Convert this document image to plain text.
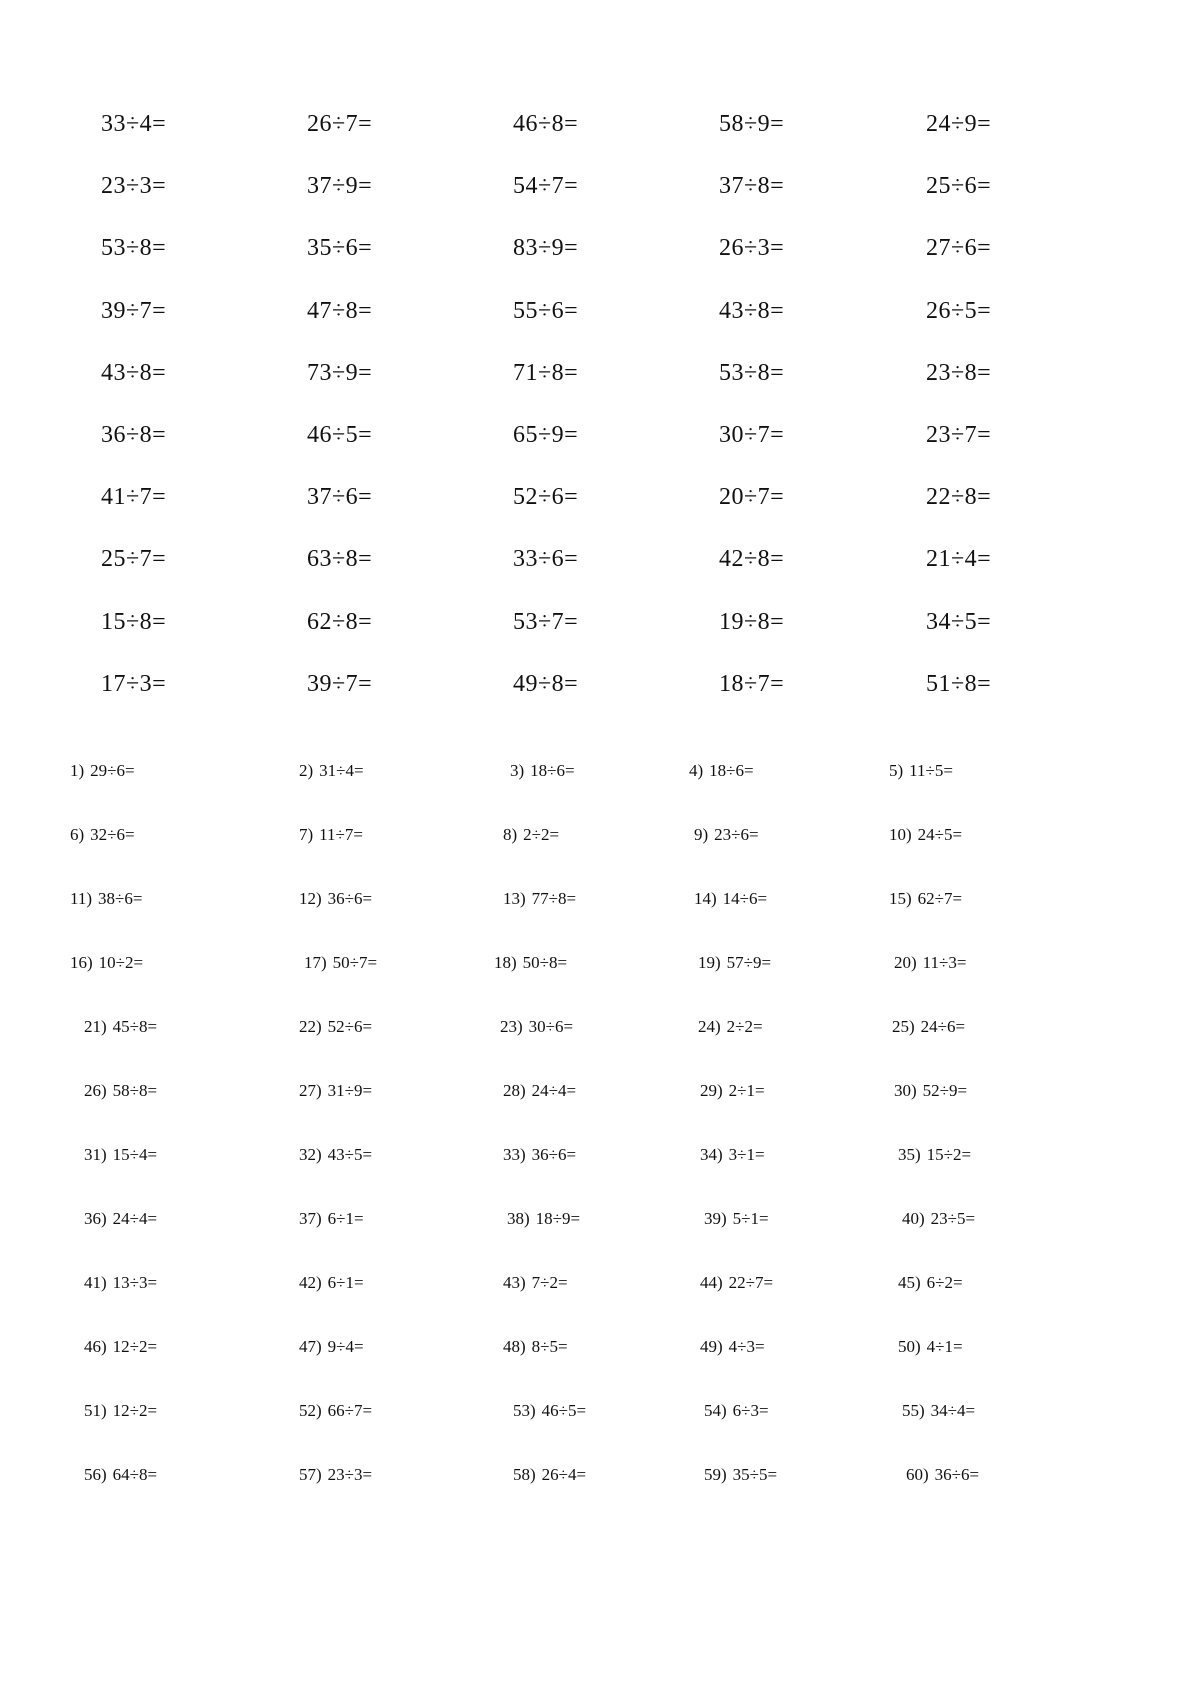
33÷4=	26÷7=	46÷8=	58÷9=	24÷9=
23÷3=	37÷9=	54÷7=	37÷8=	25÷6=
53÷8=	35÷6=	83÷9=	26÷3=	27÷6=
39÷7=	47÷8=	55÷6=	43÷8=	26÷5=
43÷8=	73÷9=	71÷8=	53÷8=	23÷8=
36÷8=	46÷5=	65÷9=	30÷7=	23÷7=
41÷7=	37÷6=	52÷6=	20÷7=	22÷8=
25÷7=	63÷8=	33÷6=	42÷8=	21÷4=
15÷8=	62÷8=	53÷7=	19÷8=	34÷5=
17÷3=	39÷7=	49÷8=	18÷7=	51÷8=
1) 29÷6=	2) 31÷4=	3) 18÷6=	4) 18÷6=	5) 11÷5=
6) 32÷6=	7) 11÷7=	8) 2÷2=	9) 23÷6=	10) 24÷5=
11) 38÷6=	12) 36÷6=	13) 77÷8=	14) 14÷6=	15) 62÷7=
16) 10÷2=	17) 50÷7=	18) 50÷8=	19) 57÷9=	20) 11÷3=
21) 45÷8=	22) 52÷6=	23) 30÷6=	24) 2÷2=	25) 24÷6=
26) 58÷8=	27) 31÷9=	28) 24÷4=	29) 2÷1=	30) 52÷9=
31) 15÷4=	32) 43÷5=	33) 36÷6=	34) 3÷1=	35) 15÷2=
36) 24÷4=	37) 6÷1=	38) 18÷9=	39) 5÷1=	40) 23÷5=
41) 13÷3=	42) 6÷1=	43) 7÷2=	44) 22÷7=	45) 6÷2=
46) 12÷2=	47) 9÷4=	48) 8÷5=	49) 4÷3=	50) 4÷1=
51) 12÷2=	52) 66÷7=	53) 46÷5=	54) 6÷3=	55) 34÷4=
56) 64÷8=	57) 23÷3=	58) 26÷4=	59) 35÷5=	60) 36÷6=
